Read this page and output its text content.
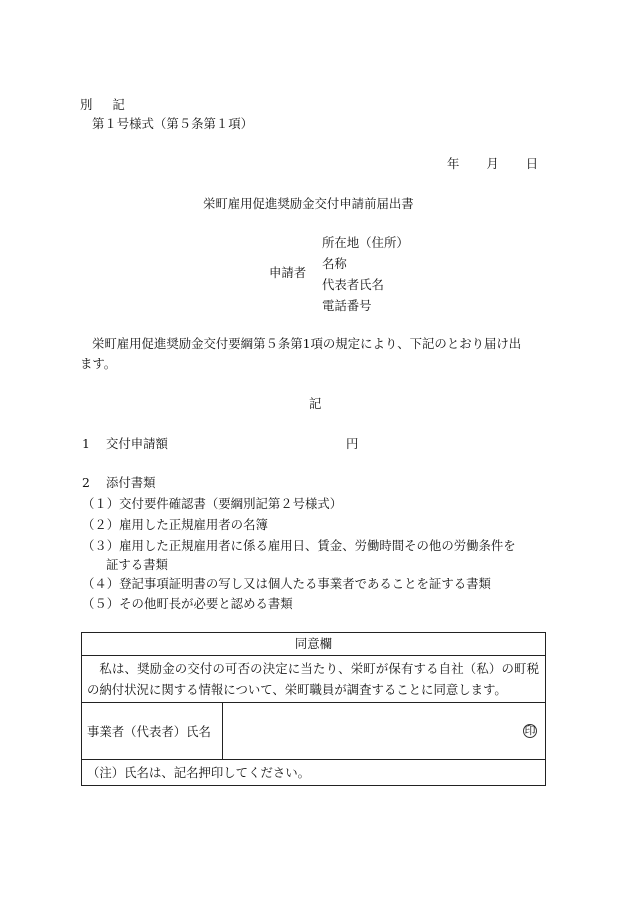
別 記
第１号様式（第５条第１項）
年 月 日
栄町雇用促進奨励金交付申請前届出書
申請者
所在地（住所）
名称
代表者氏名
電話番号
栄町雇用促進奨励金交付要綱第５条第1項の規定により、下記のとおり届け出
ます。
記
1 交付申請額	円
2 添付書類
（１）交付要件確認書（要綱別記第２号様式）
（２）雇用した正規雇用者の名簿
（３）雇用した正規雇用者に係る雇用日、賃金、労働時間その他の労働条件を
証する書類
（４）登記事項証明書の写し又は個人たる事業者であることを証する書類
（５）その他町長が必要と認める書類
同意欄
私は、奨励金の交付の可否の決定に当たり、栄町が保有する自社（私）の町税の納付状況に関する情報について、栄町職員が調査することに同意します。
事業者（代表者）氏名	印
（注）氏名は、記名押印してください。
